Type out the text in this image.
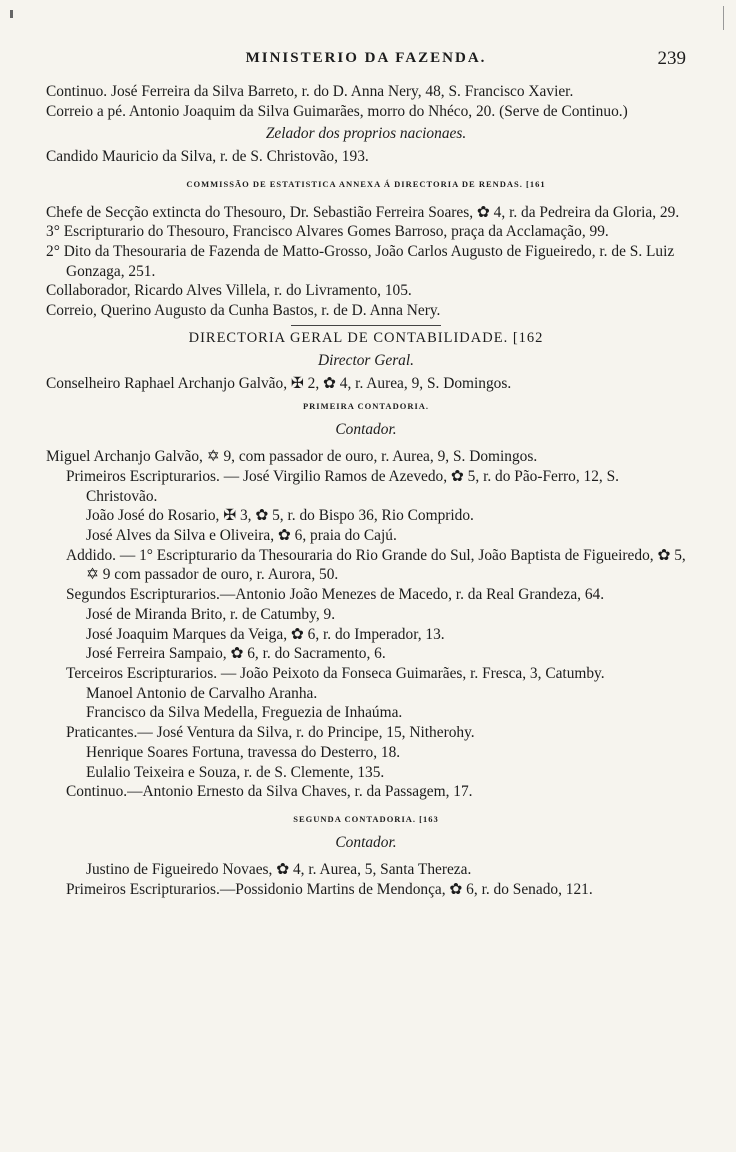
MINISTERIO DA FAZENDA.	239

Continuo. José Ferreira da Silva Barreto, r. do D. Anna Nery, 48, S. Francisco Xavier.

Correio a pé. Antonio Joaquim da Silva Guimarães, morro do Nhéco, 20. (Serve de Continuo.)

Zelador dos proprios nacionaes.

Candido Mauricio da Silva, r. de S. Christovão, 193.

COMMISSÃO DE ESTATISTICA ANNEXA Á DIRECTORIA DE RENDAS. [161

Chefe de Secção extincta do Thesouro, Dr. Sebastião Ferreira Soares, ✿ 4, r. da Pedreira da Gloria, 29.

3° Escripturario do Thesouro, Francisco Alvares Gomes Barroso, praça da Acclamação, 99.

2° Dito da Thesouraria de Fazenda de Matto-Grosso, João Carlos Augusto de Figueiredo, r. de S. Luiz Gonzaga, 251.

Collaborador, Ricardo Alves Villela, r. do Livramento, 105.

Correio, Querino Augusto da Cunha Bastos, r. de D. Anna Nery.

DIRECTORIA GERAL DE CONTABILIDADE. [162

Director Geral.

Conselheiro Raphael Archanjo Galvão, ✠ 2, ✿ 4, r. Aurea, 9, S. Domingos.

PRIMEIRA CONTADORIA.

Contador.

Miguel Archanjo Galvão, ✡ 9, com passador de ouro, r. Aurea, 9, S. Domingos.

Primeiros Escripturarios. — José Virgilio Ramos de Azevedo, ✿ 5, r. do Pão-Ferro, 12, S. Christovão.

João José do Rosario, ✠ 3, ✿ 5, r. do Bispo 36, Rio Comprido.

José Alves da Silva e Oliveira, ✿ 6, praia do Cajú.

Addido. — 1° Escripturario da Thesouraria do Rio Grande do Sul, João Baptista de Figueiredo, ✿ 5, ✡ 9 com passador de ouro, r. Aurora, 50.

Segundos Escripturarios.—Antonio João Menezes de Macedo, r. da Real Grandeza, 64.

José de Miranda Brito, r. de Catumby, 9.

José Joaquim Marques da Veiga, ✿ 6, r. do Imperador, 13.

José Ferreira Sampaio, ✿ 6, r. do Sacramento, 6.

Terceiros Escripturarios. — João Peixoto da Fonseca Guimarães, r. Fresca, 3, Catumby.

Manoel Antonio de Carvalho Aranha.

Francisco da Silva Medella, Freguezia de Inhaúma.

Praticantes.— José Ventura da Silva, r. do Principe, 15, Nitherohy.

Henrique Soares Fortuna, travessa do Desterro, 18.

Eulalio Teixeira e Souza, r. de S. Clemente, 135.

Continuo.—Antonio Ernesto da Silva Chaves, r. da Passagem, 17.

SEGUNDA CONTADORIA. [163

Contador.

Justino de Figueiredo Novaes, ✿ 4, r. Aurea, 5, Santa Thereza.

Primeiros Escripturarios.—Possidonio Martins de Mendonça, ✿ 6, r. do Senado, 121.
